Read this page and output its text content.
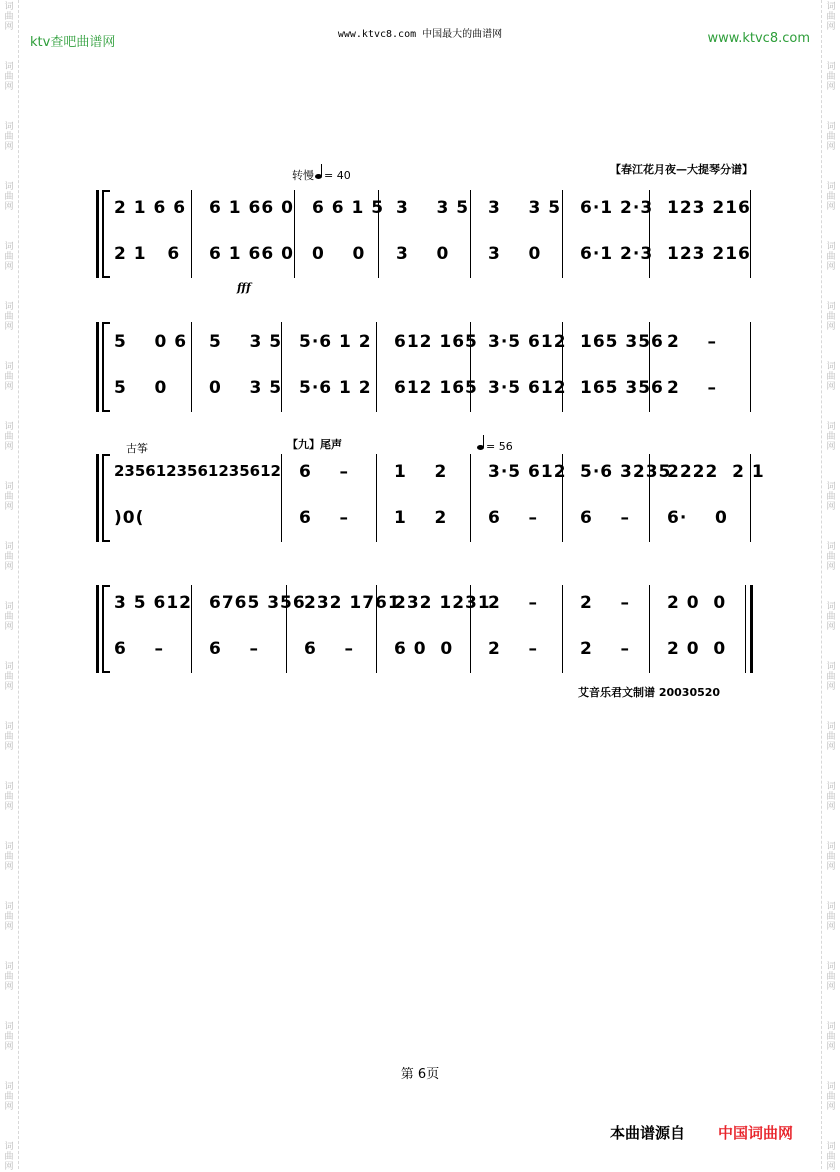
词
曲
网
词
曲
网
词
曲
网
词
曲
网
词
曲
网
词
曲
网
词
曲
网
词
曲
网
词
曲
网
词
曲
网
词
曲
网
词
曲
网
词
曲
网
词
曲
网
词
曲
网
词
曲
网
词
曲
网
词
曲
网
词
曲
网
词
曲
网
词
曲
网
词
曲
网
词
曲
网
词
曲
网
词
曲
网
词
曲
网
词
曲
网
词
曲
网
词
曲
网
词
曲
网
词
曲
网
词
曲
网
词
曲
网
词
曲
网
词
曲
网
词
曲
网
词
曲
网
词
曲
网
词
曲
网
词
曲
网
ktv查吧曲谱网
www.ktvc8.com 中国最大的曲谱网	www.ktvc8.com
【春江花月夜—大提琴分谱】
转慢 = 40
2 1 6 6 6 1 66 0 6 6 1 5 3    3 5 3    3 5 6·1 2·3 123 216
2 1   6 6 1 66 0 0    0 3    0 3    0 6·1 2·3 123 216
fff
5    0 6 5    3 5 5·6 1 2 612 165 3·5 612 165 356 2    –
5    0 0    3 5 5·6 1 2 612 165 3·5 612 165 356 2    –
古筝	【九】尾声	= 56
2356123561235612 6    –	1    2 3·5 612 5·6 3235
2222  2 1
)0(	6    –	1    2 6    – 6    – 6·    0
3 5 612 6765 356
232 1761
232 1231
2    – 2    – 2 0  0
6    –	6    –	6    – 6 0  0 2    – 2    – 2 0  0
艾音乐君文制谱 20030520
第 6页
本曲谱源自 中国词曲网
